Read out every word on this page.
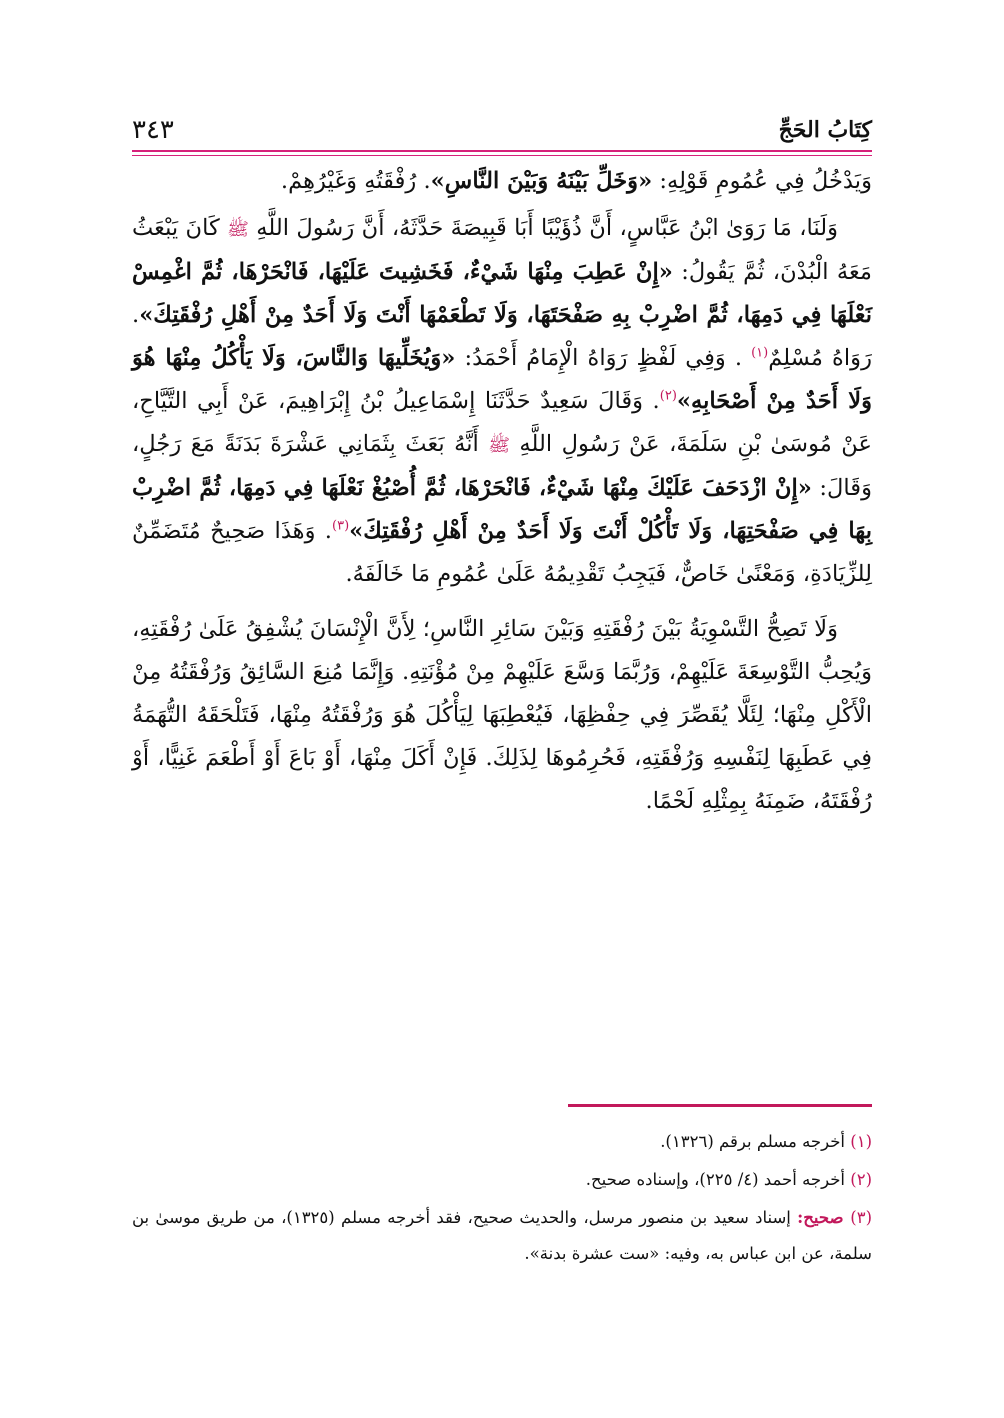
كِتَابُ الحَجِّ
٣٤٣

وَيَدْخُلُ فِي عُمُومِ قَوْلِهِ: «وَخَلِّ بَيْنَهُ وَبَيْنَ النَّاسِ». رُفْقَتُهِ وَغَيْرُهِمْ.

وَلَنَا، مَا رَوَىٰ ابْنُ عَبَّاسٍ، أَنَّ ذُؤَيْبًا أَبَا قَبِيصَةَ حَدَّثَهُ، أَنَّ رَسُولَ اللَّهِ ﷺ كَانَ يَبْعَثُ مَعَهُ الْبُدْنَ، ثُمَّ يَقُولُ: «إِنْ عَطِبَ مِنْهَا شَيْءٌ، فَخَشِيتَ عَلَيْهَا، فَانْحَرْهَا، ثُمَّ اغْمِسْ نَعْلَهَا فِي دَمِهَا، ثُمَّ اضْرِبْ بِهِ صَفْحَتَهَا، وَلَا تَطْعَمْهَا أَنْتَ وَلَا أَحَدٌ مِنْ أَهْلِ رُفْقَتِكَ». رَوَاهُ مُسْلِمٌ$^{(١)}$ . وَفِي لَفْظٍ رَوَاهُ الْإِمَامُ أَحْمَدُ: «وَيُخَلِّيهَا وَالنَّاسَ، وَلَا يَأْكُلُ مِنْهَا هُوَ وَلَا أَحَدٌ مِنْ أَصْحَابِهِ»$^{(٢)}$. وَقَالَ سَعِيدٌ حَدَّثَنَا إِسْمَاعِيلُ بْنُ إِبْرَاهِيمَ، عَنْ أَبِي التَّيَّاحِ، عَنْ مُوسَىٰ بْنِ سَلَمَةَ، عَنْ رَسُولِ اللَّهِ ﷺ أَنَّهُ بَعَثَ بِثَمَانِي عَشْرَةَ بَدَنَةً مَعَ رَجُلٍ، وَقَالَ: «إِنْ ازْدَحَفَ عَلَيْكَ مِنْهَا شَيْءٌ، فَانْحَرْهَا، ثُمَّ أُصْبُغْ نَعْلَهَا فِي دَمِهَا، ثُمَّ اضْرِبْ بِهَا فِي صَفْحَتِهَا، وَلَا تَأْكُلْ أَنْتَ وَلَا أَحَدٌ مِنْ أَهْلِ رُفْقَتِكَ»$^{(٣)}$. وَهَذَا صَحِيحٌ مُتَضَمِّنٌ لِلزِّيَادَةِ، وَمَعْنًىٰ خَاصٌّ، فَيَجِبُ تَقْدِيمُهُ عَلَىٰ عُمُومِ مَا خَالَفَهُ.

وَلَا تَصِحُّ التَّسْوِيَةُ بَيْنَ رُفْقَتِهِ وَبَيْنَ سَائِرِ النَّاسِ؛ لِأَنَّ الْإِنْسَانَ يُشْفِقُ عَلَىٰ رُفْقَتِهِ، وَيُحِبُّ التَّوْسِعَةَ عَلَيْهِمْ، وَرُبَّمَا وَسَّعَ عَلَيْهِمْ مِنْ مُؤْنَتِهِ. وَإِنَّمَا مُنِعَ السَّائِقُ وَرُفْقَتُهُ مِنْ الْأَكْلِ مِنْهَا؛ لِئَلَّا يُقَصِّرَ فِي حِفْظِهَا، فَيُعْطِبَهَا لِيَأْكُلَ هُوَ وَرُفْقَتُهُ مِنْهَا، فَتَلْحَقَهُ التُّهَمَةُ فِي عَطَبِهَا لِنَفْسِهِ وَرُفْقَتِهِ، فَحُرِمُوهَا لِذَلِكَ. فَإِنْ أَكَلَ مِنْهَا، أَوْ بَاعَ أَوْ أَطْعَمَ غَنِيًّا، أَوْ رُفْقَتَهُ، ضَمِنَهُ بِمِثْلِهِ لَحْمًا.

(١) أخرجه مسلم برقم (١٣٢٦).

(٢) أخرجه أحمد (٤/ ٢٢٥)، وإسناده صحيح.

(٣) صحيح: إسناد سعيد بن منصور مرسل، والحديث صحيح، فقد أخرجه مسلم (١٣٢٥)، من طريق موسىٰ بن سلمة، عن ابن عباس به، وفيه: «ست عشرة بدنة».
